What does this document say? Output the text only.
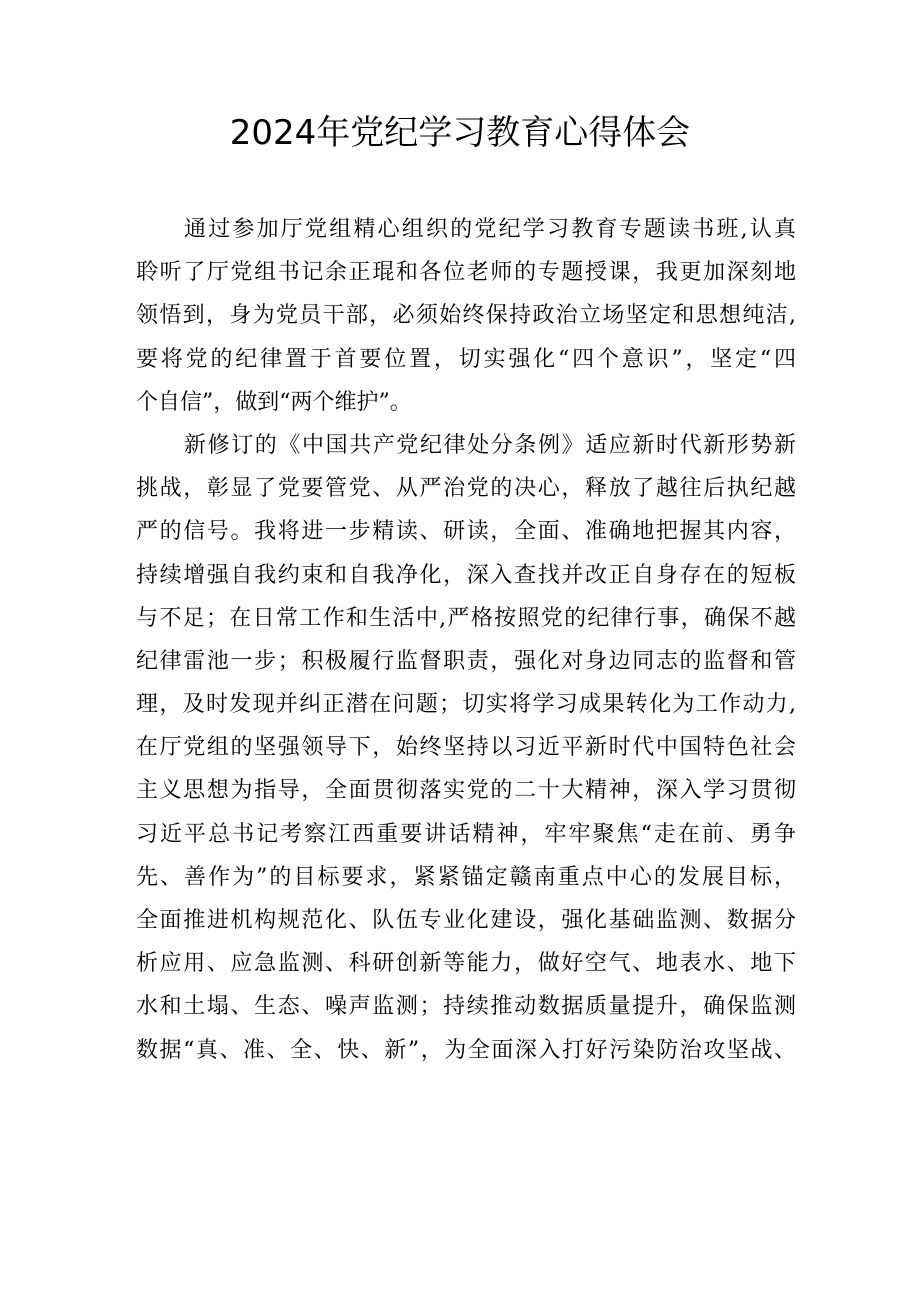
2024年党纪学习教育心得体会
通过参加厅党组精心组织的党纪学习教育专题读书班,认真
聆听了厅党组书记余正琨和各位老师的专题授课，我更加深刻地
领悟到，身为党员干部，必须始终保持政治立场坚定和思想纯洁,
要将党的纪律置于首要位置，切实强化“四个意识”，坚定“四
个自信”，做到“两个维护”。
新修订的《中国共产党纪律处分条例》适应新时代新形势新
挑战，彰显了党要管党、从严治党的决心，释放了越往后执纪越
严的信号。我将进一步精读、研读，全面、准确地把握其内容，
持续增强自我约束和自我净化，深入查找并改正自身存在的短板
与不足；在日常工作和生活中,严格按照党的纪律行事，确保不越
纪律雷池一步；积极履行监督职责，强化对身边同志的监督和管
理，及时发现并纠正潜在问题；切实将学习成果转化为工作动力,
在厅党组的坚强领导下，始终坚持以习近平新时代中国特色社会
主义思想为指导，全面贯彻落实党的二十大精神，深入学习贯彻
习近平总书记考察江西重要讲话精神，牢牢聚焦“走在前、勇争
先、善作为”的目标要求，紧紧锚定赣南重点中心的发展目标，
全面推进机构规范化、队伍专业化建设，强化基础监测、数据分
析应用、应急监测、科研创新等能力，做好空气、地表水、地下
水和土塌、生态、噪声监测；持续推动数据质量提升，确保监测
数据“真、准、全、快、新”，为全面深入打好污染防治攻坚战、
